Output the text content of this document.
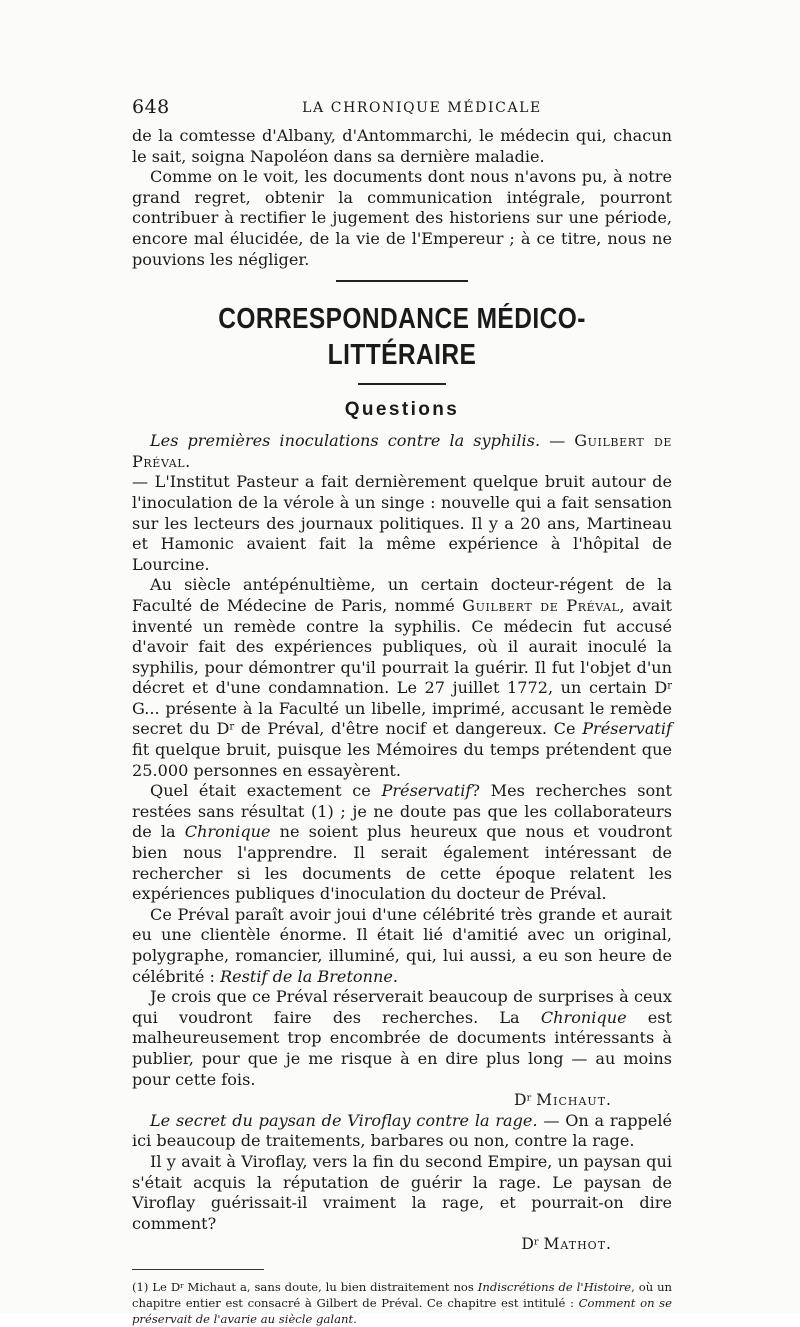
648	LA CHRONIQUE MÉDICALE

de la comtesse d'Albany, d'Antommarchi, le médecin qui, chacun le sait, soigna Napoléon dans sa dernière maladie.

Comme on le voit, les documents dont nous n'avons pu, à notre grand regret, obtenir la communication intégrale, pourront contribuer à rectifier le jugement des historiens sur une période, encore mal élucidée, de la vie de l'Empereur ; à ce titre, nous ne pouvions les négliger.

CORRESPONDANCE MÉDICO-LITTÉRAIRE
Questions

Les premières inoculations contre la syphilis. — Guilbert de Préval.

— L'Institut Pasteur a fait dernièrement quelque bruit autour de l'inoculation de la vérole à un singe : nouvelle qui a fait sensation sur les lecteurs des journaux politiques. Il y a 20 ans, Martineau et Hamonic avaient fait la même expérience à l'hôpital de Lourcine.

Au siècle antépénultième, un certain docteur-régent de la Faculté de Médecine de Paris, nommé Guilbert de Préval, avait inventé un remède contre la syphilis. Ce médecin fut accusé d'avoir fait des expériences publiques, où il aurait inoculé la syphilis, pour démontrer qu'il pourrait la guérir. Il fut l'objet d'un décret et d'une condamnation. Le 27 juillet 1772, un certain $D^r$ G... présente à la Faculté un libelle, imprimé, accusant le remède secret du $D^r$ de Préval, d'être nocif et dangereux. Ce Préservatif fit quelque bruit, puisque les Mémoires du temps prétendent que 25.000 personnes en essayèrent.

Quel était exactement ce Préservatif? Mes recherches sont restées sans résultat (1) ; je ne doute pas que les collaborateurs de la Chronique ne soient plus heureux que nous et voudront bien nous l'apprendre. Il serait également intéressant de rechercher si les documents de cette époque relatent les expériences publiques d'inoculation du docteur de Préval.

Ce Préval paraît avoir joui d'une célébrité très grande et aurait eu une clientèle énorme. Il était lié d'amitié avec un original, polygraphe, romancier, illuminé, qui, lui aussi, a eu son heure de célébrité : Restif de la Bretonne.

Je crois que ce Préval réserverait beaucoup de surprises à ceux qui voudront faire des recherches. La Chronique est malheureusement trop encombrée de documents intéressants à publier, pour que je me risque à en dire plus long — au moins pour cette fois.

$D^r$ Michaut.

Le secret du paysan de Viroflay contre la rage. — On a rappelé ici beaucoup de traitements, barbares ou non, contre la rage.

Il y avait à Viroflay, vers la fin du second Empire, un paysan qui s'était acquis la réputation de guérir la rage. Le paysan de Viroflay guérissait-il vraiment la rage, et pourrait-on dire comment?

$D^r$ Mathot.

(1) Le $D^r$ Michaut a, sans doute, lu bien distraitement nos Indiscrétions de l'Histoire, où un chapitre entier est consacré à Gilbert de Préval. Ce chapitre est intitulé : Comment on se préservait de l'avarie au siècle galant.
